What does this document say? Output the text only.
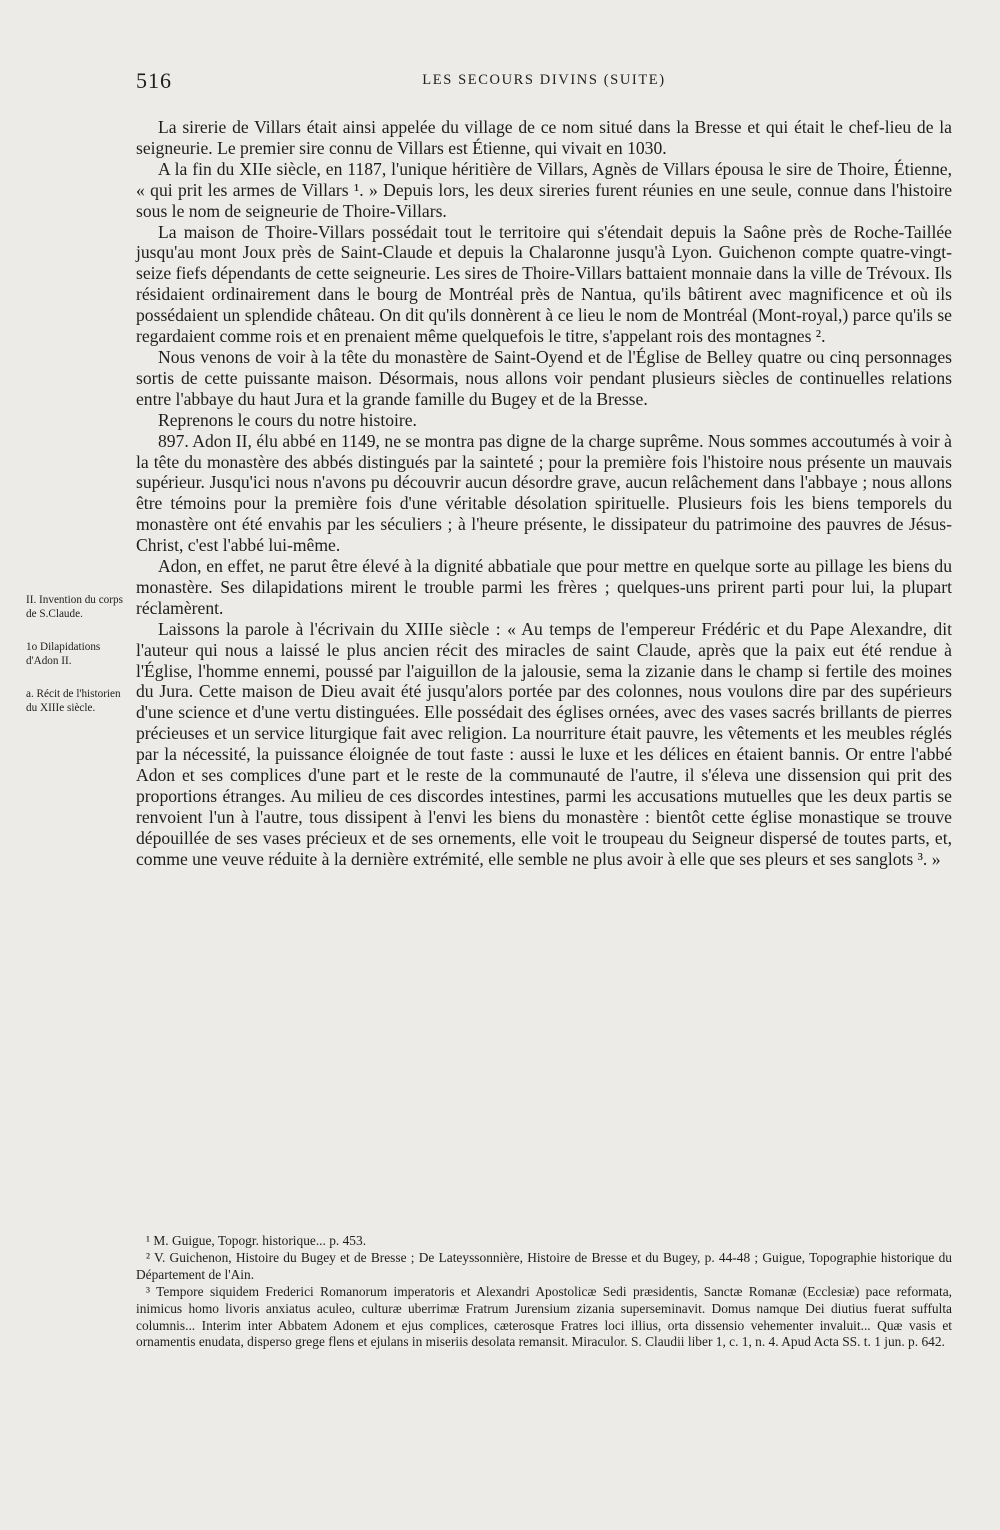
516	LES SECOURS DIVINS (SUITE)

II. Invention du corps de S.Claude.

1o Dilapidations d'Adon II.

a. Récit de l'historien du XIIIe siècle.

La sirerie de Villars était ainsi appelée du village de ce nom situé dans la Bresse et qui était le chef-lieu de la seigneurie. Le premier sire connu de Villars est Étienne, qui vivait en 1030.

A la fin du XIIe siècle, en 1187, l'unique héritière de Villars, Agnès de Villars épousa le sire de Thoire, Étienne, « qui prit les armes de Villars ¹. » Depuis lors, les deux sireries furent réunies en une seule, connue dans l'histoire sous le nom de seigneurie de Thoire-Villars.

La maison de Thoire-Villars possédait tout le territoire qui s'étendait depuis la Saône près de Roche-Taillée jusqu'au mont Joux près de Saint-Claude et depuis la Chalaronne jusqu'à Lyon. Guichenon compte quatre-vingt-seize fiefs dépendants de cette seigneurie. Les sires de Thoire-Villars battaient monnaie dans la ville de Trévoux. Ils résidaient ordinairement dans le bourg de Montréal près de Nantua, qu'ils bâtirent avec magnificence et où ils possédaient un splendide château. On dit qu'ils donnèrent à ce lieu le nom de Montréal (Mont-royal,) parce qu'ils se regardaient comme rois et en prenaient même quelquefois le titre, s'appelant rois des montagnes ².

Nous venons de voir à la tête du monastère de Saint-Oyend et de l'Église de Belley quatre ou cinq personnages sortis de cette puissante maison. Désormais, nous allons voir pendant plusieurs siècles de continuelles relations entre l'abbaye du haut Jura et la grande famille du Bugey et de la Bresse.

Reprenons le cours du notre histoire.

897. Adon II, élu abbé en 1149, ne se montra pas digne de la charge suprême. Nous sommes accoutumés à voir à la tête du monastère des abbés distingués par la sainteté ; pour la première fois l'histoire nous présente un mauvais supérieur. Jusqu'ici nous n'avons pu découvrir aucun désordre grave, aucun relâchement dans l'abbaye ; nous allons être témoins pour la première fois d'une véritable désolation spirituelle. Plusieurs fois les biens temporels du monastère ont été envahis par les séculiers ; à l'heure présente, le dissipateur du patrimoine des pauvres de Jésus-Christ, c'est l'abbé lui-même.

Adon, en effet, ne parut être élevé à la dignité abbatiale que pour mettre en quelque sorte au pillage les biens du monastère. Ses dilapidations mirent le trouble parmi les frères ; quelques-uns prirent parti pour lui, la plupart réclamèrent.

Laissons la parole à l'écrivain du XIIIe siècle : « Au temps de l'empereur Frédéric et du Pape Alexandre, dit l'auteur qui nous a laissé le plus ancien récit des miracles de saint Claude, après que la paix eut été rendue à l'Église, l'homme ennemi, poussé par l'aiguillon de la jalousie, sema la zizanie dans le champ si fertile des moines du Jura. Cette maison de Dieu avait été jusqu'alors portée par des colonnes, nous voulons dire par des supérieurs d'une science et d'une vertu distinguées. Elle possédait des églises ornées, avec des vases sacrés brillants de pierres précieuses et un service liturgique fait avec religion. La nourriture était pauvre, les vêtements et les meubles réglés par la nécessité, la puissance éloignée de tout faste : aussi le luxe et les délices en étaient bannis. Or entre l'abbé Adon et ses complices d'une part et le reste de la communauté de l'autre, il s'éleva une dissension qui prit des proportions étranges. Au milieu de ces discordes intestines, parmi les accusations mutuelles que les deux partis se renvoient l'un à l'autre, tous dissipent à l'envi les biens du monastère : bientôt cette église monastique se trouve dépouillée de ses vases précieux et de ses ornements, elle voit le troupeau du Seigneur dispersé de toutes parts, et, comme une veuve réduite à la dernière extrémité, elle semble ne plus avoir à elle que ses pleurs et ses sanglots ³. »

¹ M. Guigue, Topogr. historique... p. 453.

² V. Guichenon, Histoire du Bugey et de Bresse ; De Lateyssonnière, Histoire de Bresse et du Bugey, p. 44-48 ; Guigue, Topographie historique du Département de l'Ain.

³ Tempore siquidem Frederici Romanorum imperatoris et Alexandri Apostolicæ Sedi præsidentis, Sanctæ Romanæ (Ecclesiæ) pace reformata, inimicus homo livoris anxiatus aculeo, culturæ uberrimæ Fratrum Jurensium zizania superseminavit. Domus namque Dei diutius fuerat suffulta columnis... Interim inter Abbatem Adonem et ejus complices, cæterosque Fratres loci illius, orta dissensio vehementer invaluit... Quæ vasis et ornamentis enudata, disperso grege flens et ejulans in miseriis desolata remansit. Miraculor. S. Claudii liber 1, c. 1, n. 4. Apud Acta SS. t. 1 jun. p. 642.
